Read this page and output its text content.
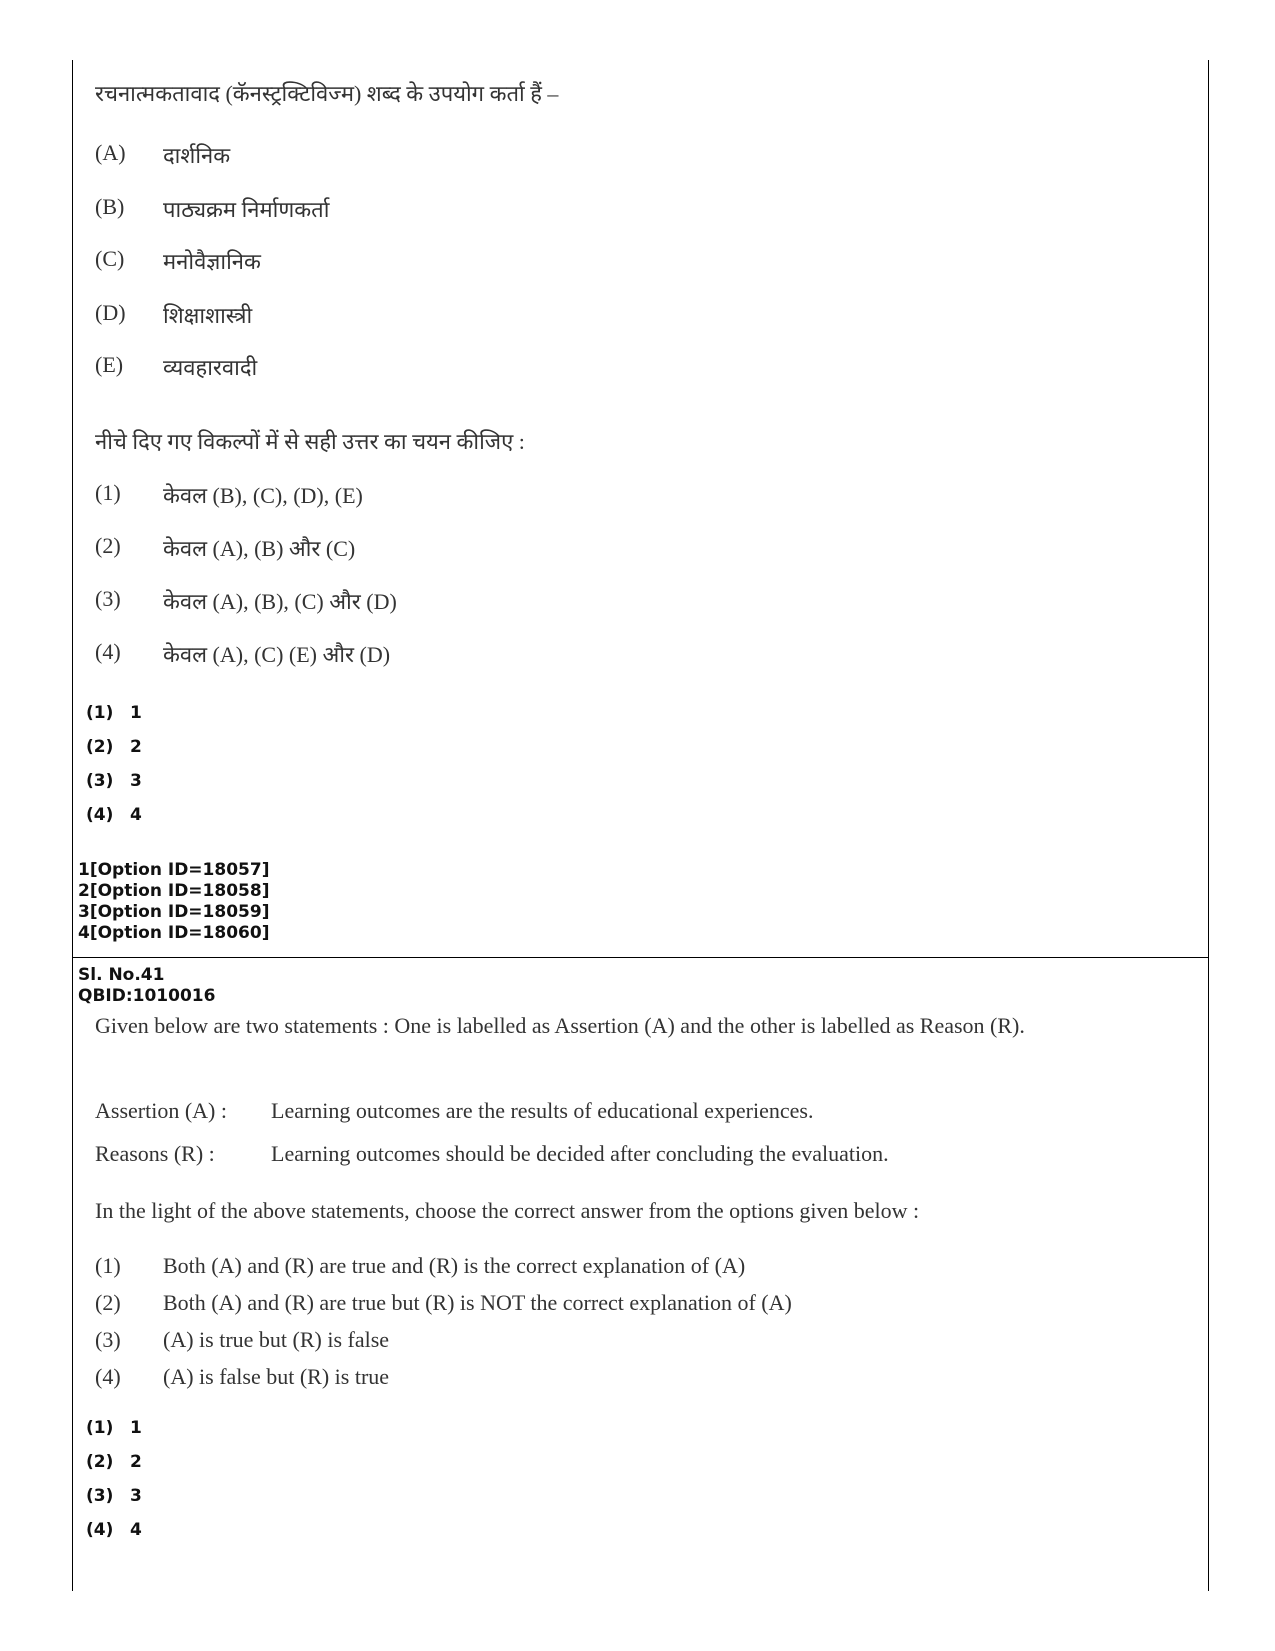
रचनात्मकतावाद (कॅनस्ट्रक्टिविज्म) शब्द के उपयोग कर्ता हैं –
(A) दार्शनिक
(B) पाठ्यक्रम निर्माणकर्ता
(C) मनोवैज्ञानिक
(D) शिक्षाशास्त्री
(E) व्यवहारवादी
नीचे दिए गए विकल्पों में से सही उत्तर का चयन कीजिए :
(1) केवल (B), (C), (D), (E)
(2) केवल (A), (B) और (C)
(3) केवल (A), (B), (C) और (D)
(4) केवल (A), (C) (E) और (D)
(1) 1
(2) 2
(3) 3
(4) 4
1[Option ID=18057]
2[Option ID=18058]
3[Option ID=18059]
4[Option ID=18060]
Sl. No.41
QBID:1010016
Given below are two statements : One is labelled as Assertion (A) and the other is labelled as Reason (R).
Assertion (A) : Learning outcomes are the results of educational experiences.
Reasons (R) :	Learning outcomes should be decided after concluding the evaluation.
In the light of the above statements, choose the correct answer from the options given below :
(1) Both (A) and (R) are true and (R) is the correct explanation of (A)
(2) Both (A) and (R) are true but (R) is NOT the correct explanation of (A)
(3) (A) is true but (R) is false
(4) (A) is false but (R) is true
(1) 1
(2) 2
(3) 3
(4) 4
